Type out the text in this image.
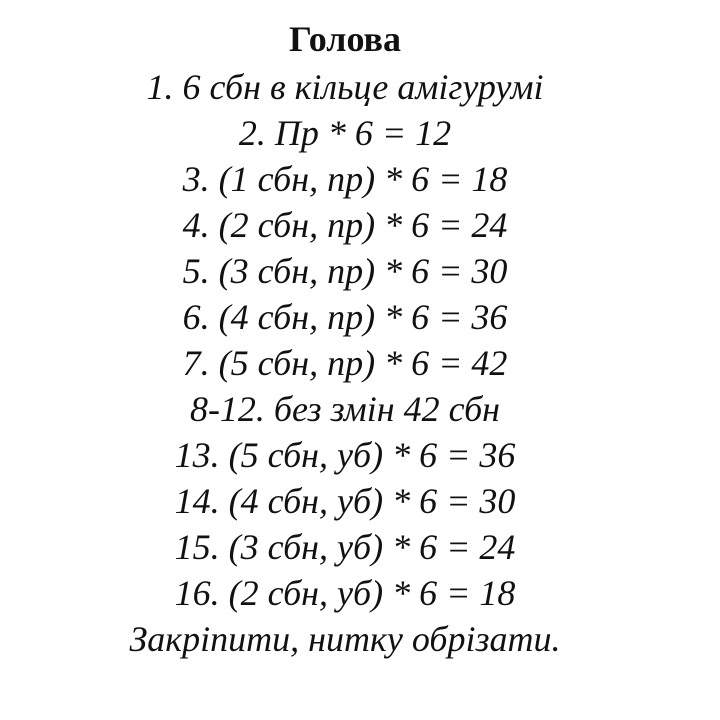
Голова
1. 6 сбн в кільце амігурумі
2. Пр * 6 = 12
3. (1 сбн, пр) * 6 = 18
4. (2 сбн, пр) * 6 = 24
5. (3 сбн, пр) * 6 = 30
6. (4 сбн, пр) * 6 = 36
7. (5 сбн, пр) * 6 = 42
8-12. без змін 42 сбн
13. (5 сбн, уб) * 6 = 36
14. (4 сбн, уб) * 6 = 30
15. (3 сбн, уб) * 6 = 24
16. (2 сбн, уб) * 6 = 18
Закріпити, нитку обрізати.
